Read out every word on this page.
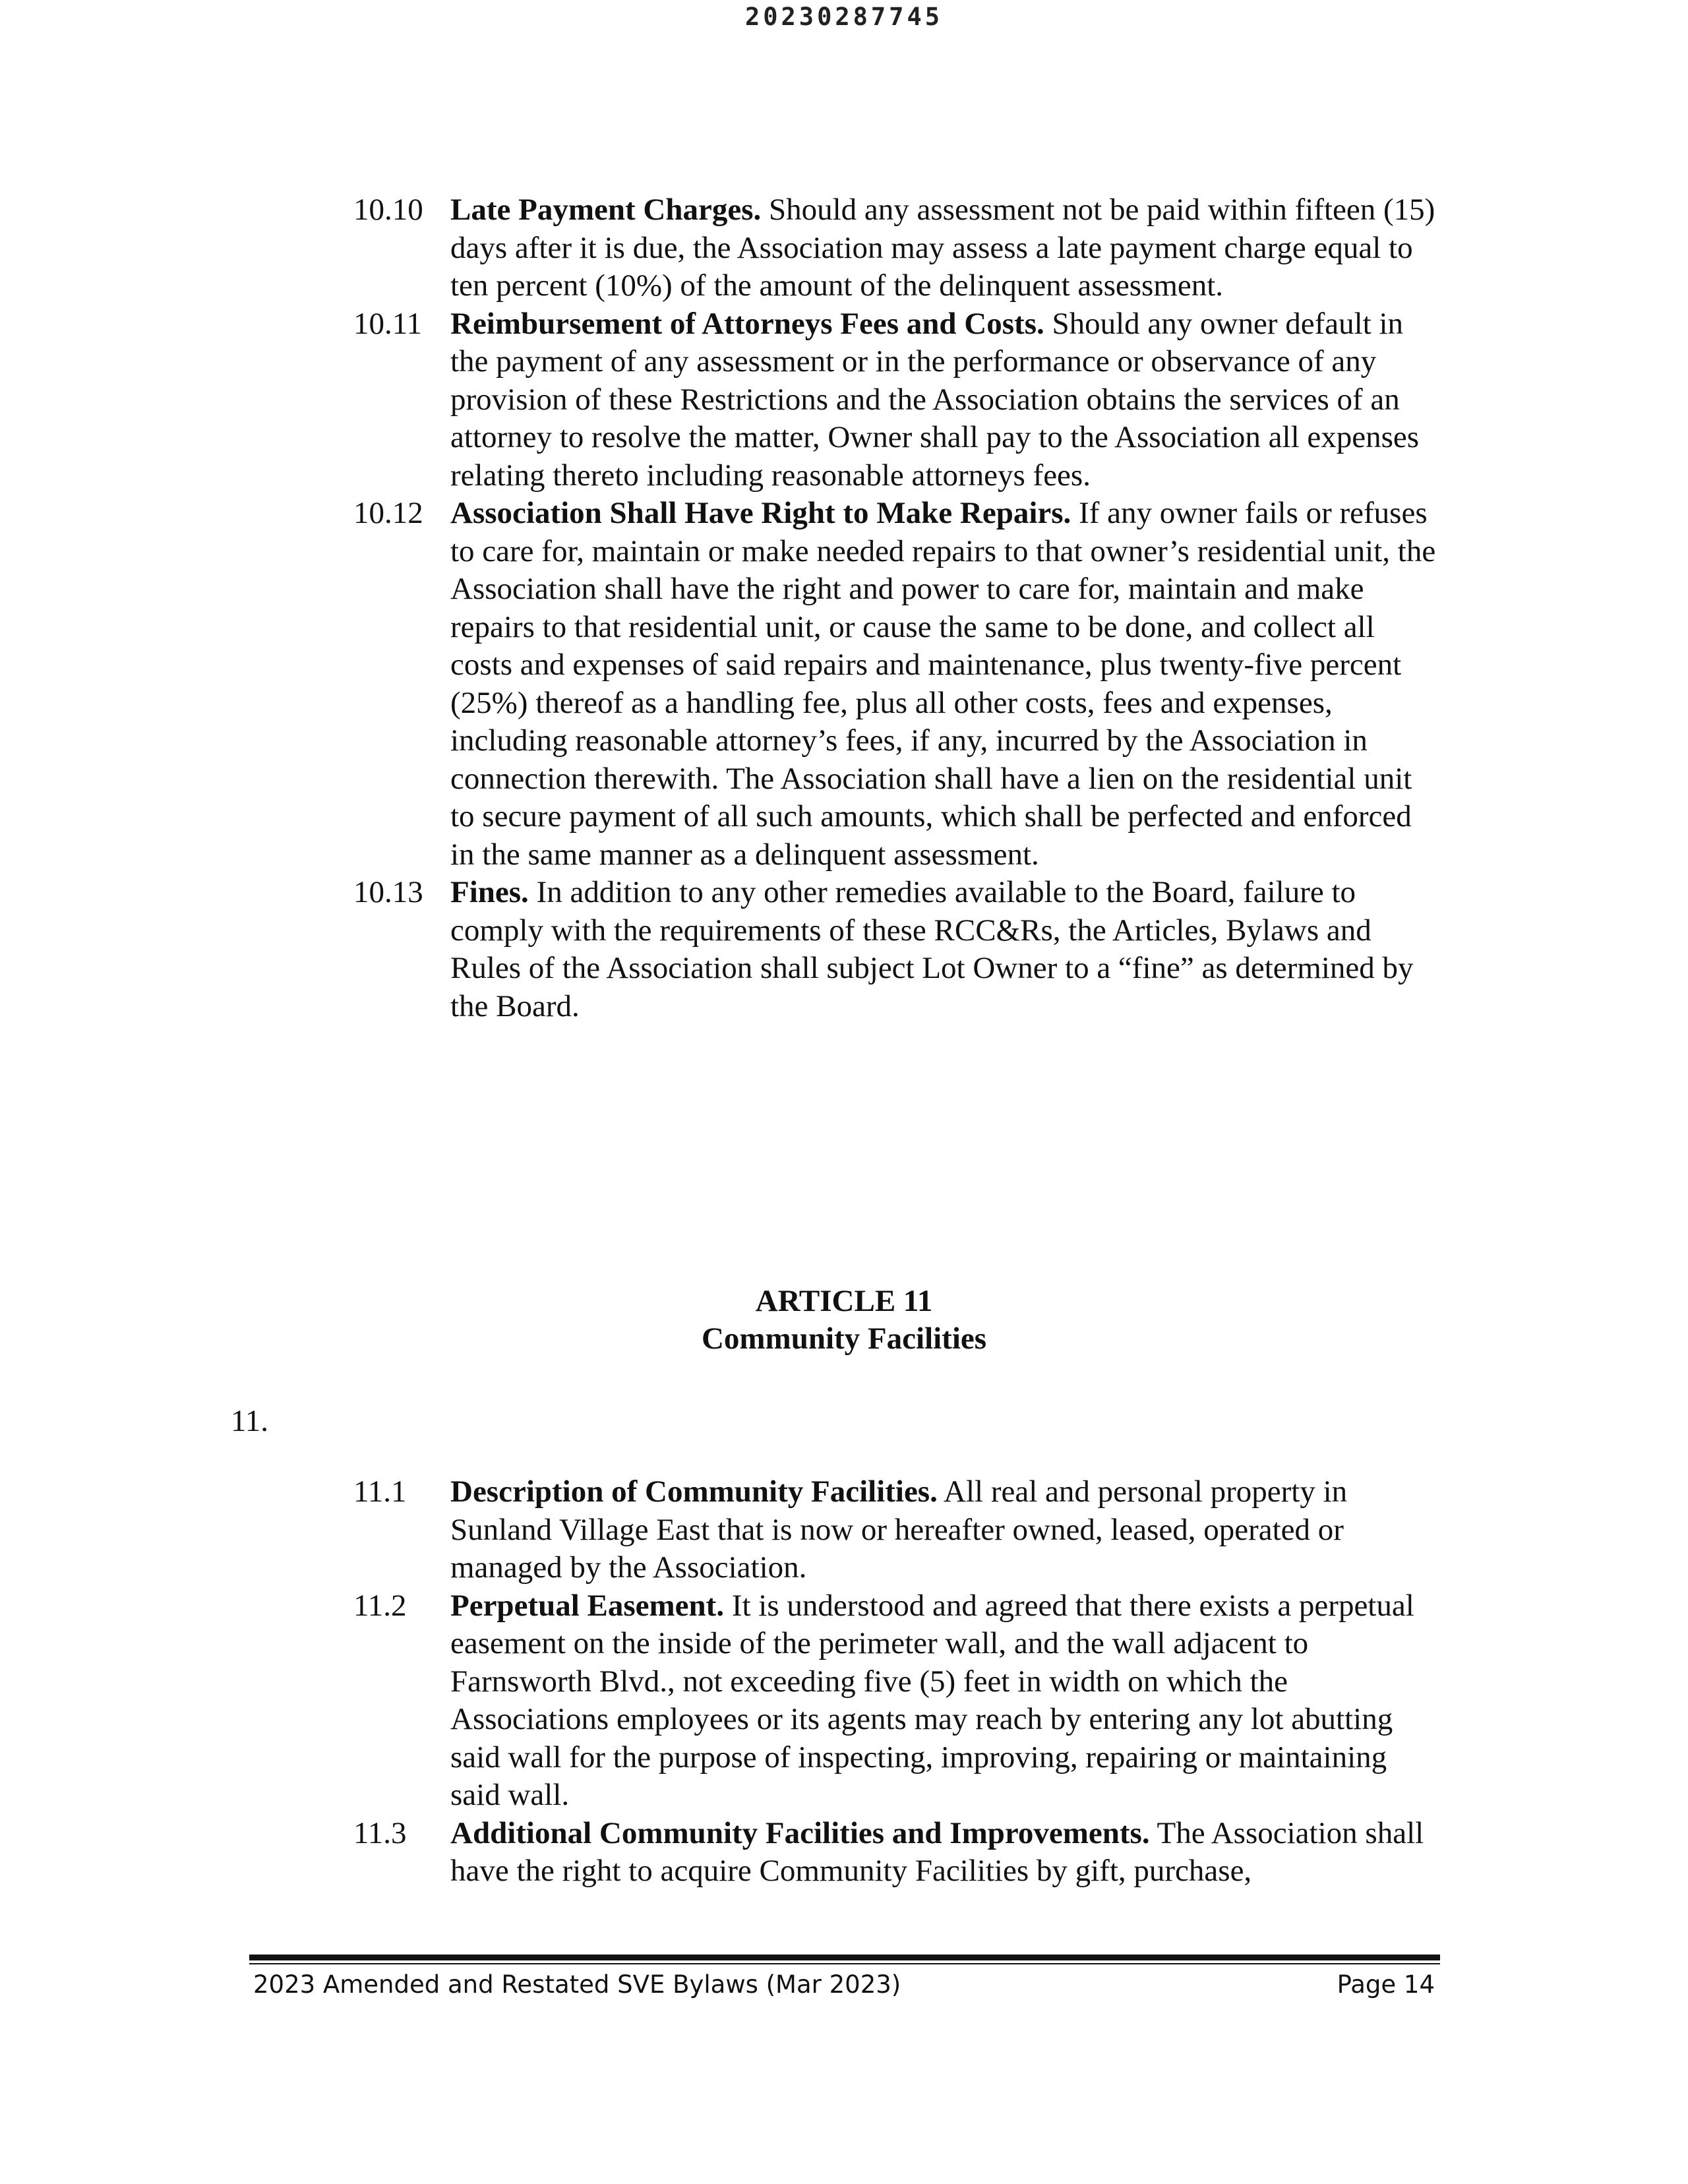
20230287745
10.10 Late Payment Charges. Should any assessment not be paid within fifteen (15) days after it is due, the Association may assess a late payment charge equal to ten percent (10%) of the amount of the delinquent assessment.
10.11 Reimbursement of Attorneys Fees and Costs. Should any owner default in the payment of any assessment or in the performance or observance of any provision of these Restrictions and the Association obtains the services of an attorney to resolve the matter, Owner shall pay to the Association all expenses relating thereto including reasonable attorneys fees.
10.12 Association Shall Have Right to Make Repairs. If any owner fails or refuses to care for, maintain or make needed repairs to that owner’s residential unit, the Association shall have the right and power to care for, maintain and make repairs to that residential unit, or cause the same to be done, and collect all costs and expenses of said repairs and maintenance, plus twenty-five percent (25%) thereof as a handling fee, plus all other costs, fees and expenses, including reasonable attorney’s fees, if any, incurred by the Association in connection therewith. The Association shall have a lien on the residential unit to secure payment of all such amounts, which shall be perfected and enforced in the same manner as a delinquent assessment.
10.13 Fines. In addition to any other remedies available to the Board, failure to comply with the requirements of these RCC&Rs, the Articles, Bylaws and Rules of the Association shall subject Lot Owner to a “fine” as determined by the Board.
ARTICLE 11
Community Facilities
11.
11.1 Description of Community Facilities. All real and personal property in Sunland Village East that is now or hereafter owned, leased, operated or managed by the Association.
11.2 Perpetual Easement. It is understood and agreed that there exists a perpetual easement on the inside of the perimeter wall, and the wall adjacent to Farnsworth Blvd., not exceeding five (5) feet in width on which the Associations employees or its agents may reach by entering any lot abutting said wall for the purpose of inspecting, improving, repairing or maintaining said wall.
11.3 Additional Community Facilities and Improvements. The Association shall have the right to acquire Community Facilities by gift, purchase,
2023 Amended and Restated SVE Bylaws (Mar 2023)	Page 14
